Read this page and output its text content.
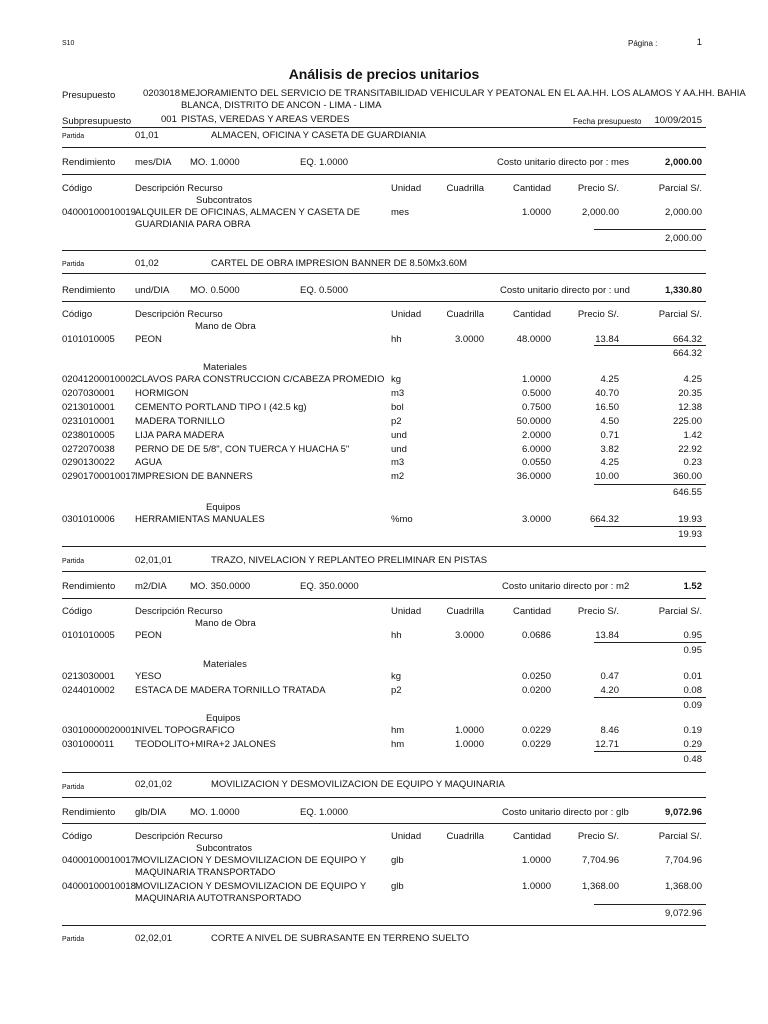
S10	Página :	1
Análisis de precios unitarios
Presupuesto	0203018 MEJORAMIENTO DEL SERVICIO DE TRANSITABILIDAD VEHICULAR Y PEATONAL EN EL AA.HH. LOS ALAMOS Y AA.HH. BAHIA
BLANCA, DISTRITO DE ANCON - LIMA - LIMA
Subpresupuesto	001 PISTAS, VEREDAS Y AREAS VERDES	Fecha presupuesto	10/09/2015
Partida	01,01	ALMACEN, OFICINA Y CASETA DE GUARDIANIA
Rendimiento mes/DIA MO. 1.0000	EQ. 1.0000	Costo unitario directo por : mes	2,000.00
Código	Descripción Recurso	Unidad	Cuadrilla	Cantidad	Precio S/.	Parcial S/.
Subcontratos
04000100010019 ALQUILER DE OFICINAS, ALMACEN Y CASETA DE
GUARDIANIA PARA OBRA
mes	1.0000	2,000.00	2,000.00
2,000.00
Partida	01,02	CARTEL DE OBRA IMPRESION BANNER DE 8.50Mx3.60M
Rendimiento und/DIA MO. 0.5000	EQ. 0.5000	Costo unitario directo por : und	1,330.80
Código	Descripción Recurso	Unidad	Cuadrilla	Cantidad	Precio S/.	Parcial S/.
Mano de Obra
0101010005 PEON	hh	3.0000	48.0000	13.84	664.32
664.32
Materiales
02041200010002 CLAVOS PARA CONSTRUCCION C/CABEZA PROMEDIO kg	1.0000	4.25	4.25
0207030001 HORMIGON	m3	0.5000	40.70	20.35
0213010001 CEMENTO PORTLAND TIPO I (42.5 kg)	bol	0.7500	16.50	12.38
0231010001 MADERA TORNILLO	p2	50.0000	4.50	225.00
0238010005 LIJA PARA MADERA	und	2.0000	0.71	1.42
0272070038 PERNO DE DE 5/8", CON TUERCA Y HUACHA 5"	und	6.0000	3.82	22.92
0290130022 AGUA	m3	0.0550	4.25	0.23
02901700010017 IMPRESION DE BANNERS	m2	36.0000	10.00	360.00
646.55
Equipos
0301010006 HERRAMIENTAS MANUALES	%mo	3.0000	664.32	19.93
19.93
Partida	02,01,01	TRAZO, NIVELACION Y REPLANTEO PRELIMINAR EN PISTAS
Rendimiento m2/DIA MO. 350.0000	EQ. 350.0000	Costo unitario directo por : m2	1.52
Código	Descripción Recurso	Unidad	Cuadrilla	Cantidad	Precio S/.	Parcial S/.
Mano de Obra
0101010005 PEON	hh	3.0000	0.0686	13.84	0.95
0.95
Materiales
0213030001 YESO	kg	0.0250	0.47	0.01
0244010002 ESTACA DE MADERA TORNILLO TRATADA	p2	0.0200	4.20	0.08
0.09
Equipos
03010000020001 NIVEL TOPOGRAFICO	hm	1.0000	0.0229	8.46	0.19
0301000011 TEODOLITO+MIRA+2 JALONES	hm	1.0000	0.0229	12.71	0.29
0.48
Partida	02,01,02	MOVILIZACION Y DESMOVILIZACION DE EQUIPO Y MAQUINARIA
Rendimiento glb/DIA	MO. 1.0000	EQ. 1.0000	Costo unitario directo por : glb	9,072.96
Código	Descripción Recurso	Unidad	Cuadrilla	Cantidad	Precio S/.	Parcial S/.
Subcontratos
04000100010017 MOVILIZACION Y DESMOVILIZACION DE EQUIPO Y
MAQUINARIA TRANSPORTADO
glb	1.0000	7,704.96	7,704.96
04000100010018 MOVILIZACION Y DESMOVILIZACION DE EQUIPO Y
MAQUINARIA AUTOTRANSPORTADO
glb	1.0000	1,368.00	1,368.00
9,072.96
Partida	02,02,01	CORTE A NIVEL DE SUBRASANTE EN TERRENO SUELTO
